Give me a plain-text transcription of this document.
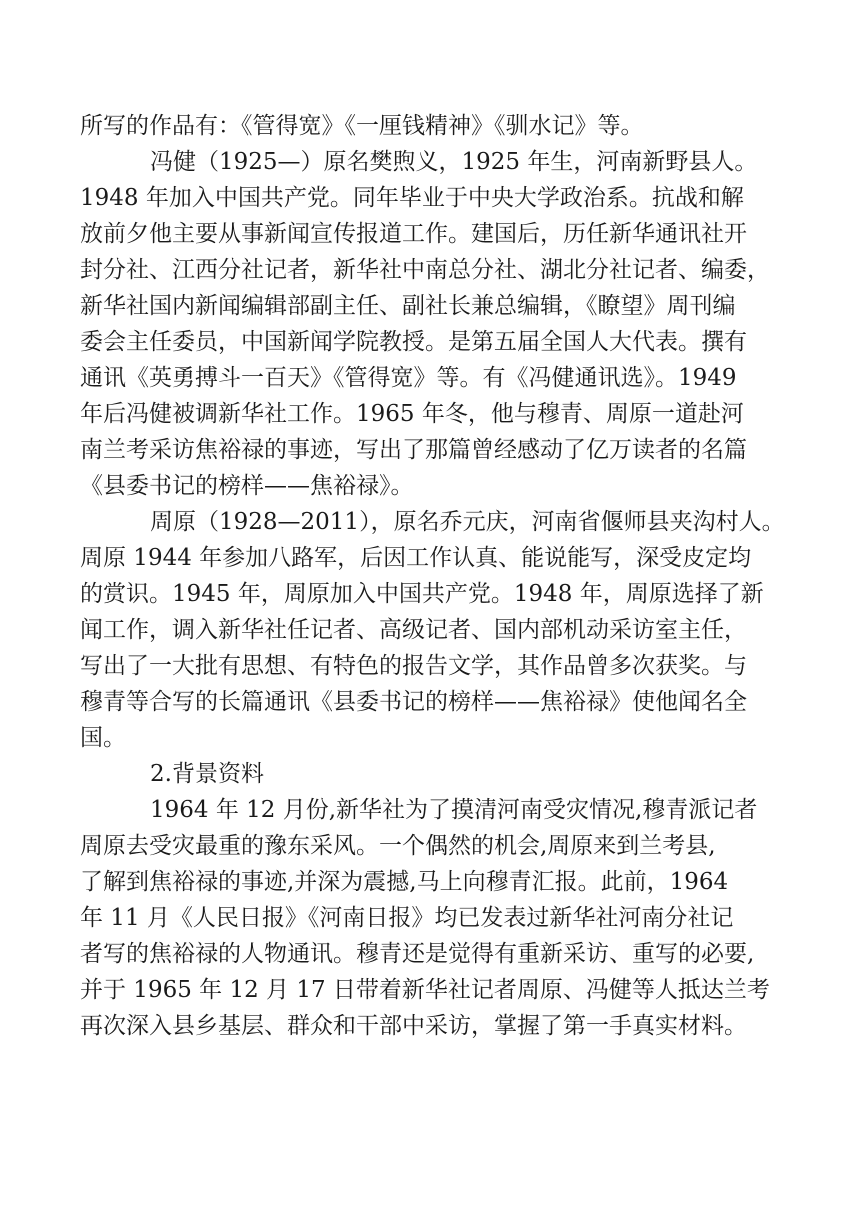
所写的作品有：《管得宽》《一厘钱精神》《驯水记》等。
冯健（1925—）原名樊煦义，1925 年生，河南新野县人。
1948 年加入中国共产党。同年毕业于中央大学政治系。抗战和解
放前夕他主要从事新闻宣传报道工作。建国后，历任新华通讯社开
封分社、江西分社记者，新华社中南总分社、湖北分社记者、编委，
新华社国内新闻编辑部副主任、副社长兼总编辑，《瞭望》周刊编
委会主任委员，中国新闻学院教授。是第五届全国人大代表。撰有
通讯《英勇搏斗一百天》《管得宽》等。有《冯健通讯选》。1949
年后冯健被调新华社工作。1965 年冬，他与穆青、周原一道赴河
南兰考采访焦裕禄的事迹，写出了那篇曾经感动了亿万读者的名篇
《县委书记的榜样——焦裕禄》。
周原（1928—2011），原名乔元庆，河南省偃师县夹沟村人。
周原 1944 年参加八路军，后因工作认真、能说能写，深受皮定均
的赏识。1945 年，周原加入中国共产党。1948 年，周原选择了新
闻工作，调入新华社任记者、高级记者、国内部机动采访室主任，
写出了一大批有思想、有特色的报告文学，其作品曾多次获奖。与
穆青等合写的长篇通讯《县委书记的榜样——焦裕禄》使他闻名全
国。
2.背景资料
1964 年 12 月份,新华社为了摸清河南受灾情况,穆青派记者
周原去受灾最重的豫东采风。一个偶然的机会,周原来到兰考县,
了解到焦裕禄的事迹,并深为震撼,马上向穆青汇报。此前，1964
年 11 月《人民日报》《河南日报》均已发表过新华社河南分社记
者写的焦裕禄的人物通讯。穆青还是觉得有重新采访、重写的必要,
并于 1965 年 12 月 17 日带着新华社记者周原、冯健等人抵达兰考
再次深入县乡基层、群众和干部中采访，掌握了第一手真实材料。
